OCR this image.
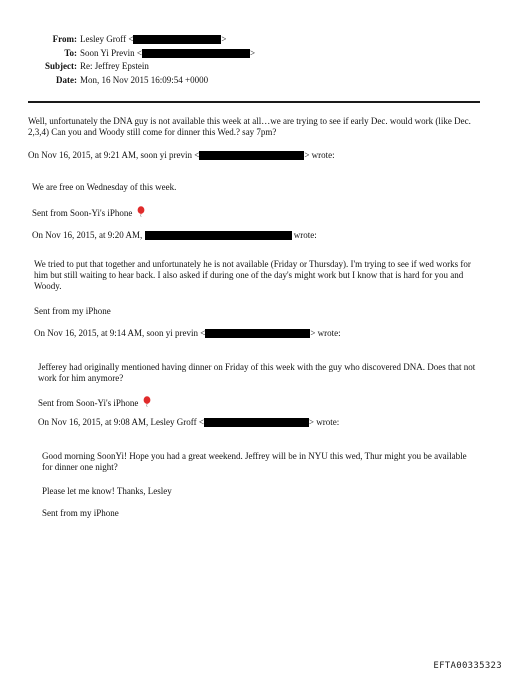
From: Lesley Groff <	>
To: Soon Yi Previn <	>
Subject: Re: Jeffrey Epstein
Date: Mon, 16 Nov 2015 16:09:54 +0000
Well, unfortunately the DNA guy is not available this week at all…we are trying to see if early Dec. would work (like Dec. 2,3,4) Can you and Woody still come for dinner this Wed.? say 7pm?
On Nov 16, 2015, at 9:21 AM, soon yi previn <	> wrote:
We are free on Wednesday of this week.
Sent from Soon-Yi's iPhone
On Nov 16, 2015, at 9:20 AM,	wrote:
We tried to put that together and unfortunately he is not available (Friday or Thursday). I'm trying to see if wed works for him but still waiting to hear back. I also asked if during one of the day's might work but I know that is hard for you and Woody.
Sent from my iPhone
On Nov 16, 2015, at 9:14 AM, soon yi previn <	> wrote:
Jefferey had originally mentioned having dinner on Friday of this week with the guy who discovered DNA. Does that not work for him anymore?
Sent from Soon-Yi's iPhone
On Nov 16, 2015, at 9:08 AM, Lesley Groff <	> wrote:
Good morning SoonYi! Hope you had a great weekend. Jeffrey will be in NYU this wed, Thur might you be available for dinner one night?
Please let me know! Thanks, Lesley
Sent from my iPhone
EFTA00335323
